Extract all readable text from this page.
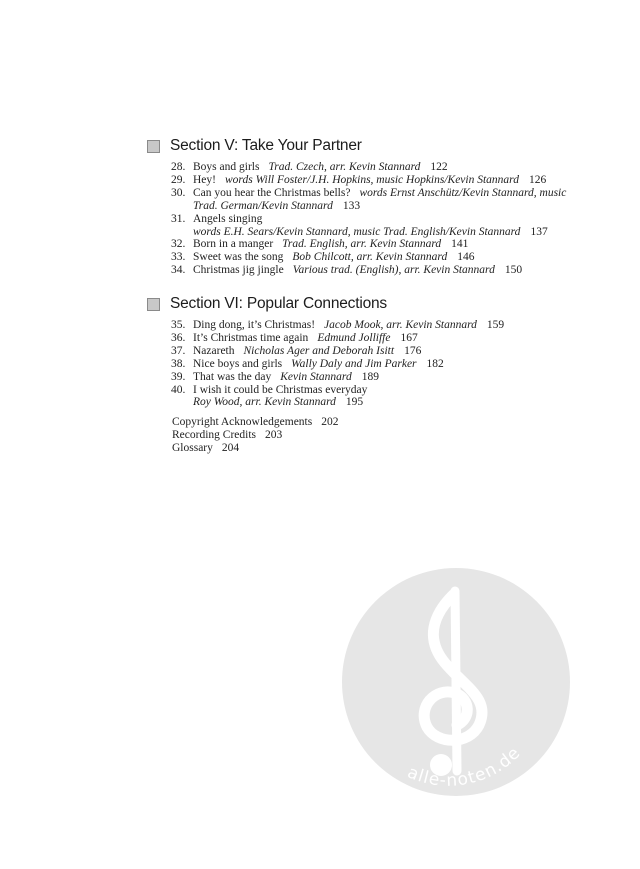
Section V: Take Your Partner
28. Boys and girls Trad. Czech, arr. Kevin Stannard 122
29. Hey! words Will Foster/J.H. Hopkins, music Hopkins/Kevin Stannard 126
30. Can you hear the Christmas bells? words Ernst Anschütz/Kevin Stannard, music Trad. German/Kevin Stannard 133
31. Angels singing
words E.H. Sears/Kevin Stannard, music Trad. English/Kevin Stannard 137
32. Born in a manger Trad. English, arr. Kevin Stannard 141
33. Sweet was the song Bob Chilcott, arr. Kevin Stannard 146
34. Christmas jig jingle Various trad. (English), arr. Kevin Stannard 150
Section VI: Popular Connections
35. Ding dong, it’s Christmas! Jacob Mook, arr. Kevin Stannard 159
36. It’s Christmas time again Edmund Jolliffe 167
37. Nazareth Nicholas Ager and Deborah Isitt 176
38. Nice boys and girls Wally Daly and Jim Parker 182
39. That was the day Kevin Stannard 189
40. I wish it could be Christmas everyday
Roy Wood, arr. Kevin Stannard 195
Copyright Acknowledgements 202
Recording Credits 203
Glossary 204
alle-noten.de
